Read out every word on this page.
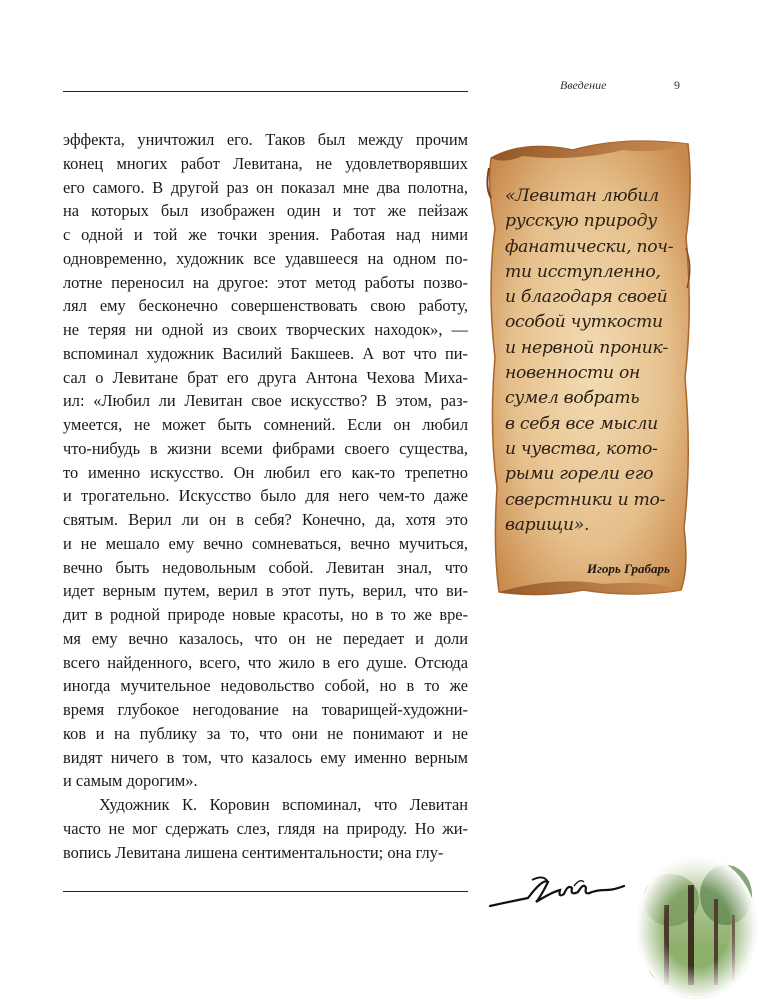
Введение	9

эффекта, уничтожил его. Таков был между прочим
конец многих работ Левитана, не удовлетворявших
его самого. В другой раз он показал мне два полотна,
на которых был изображен один и тот же пейзаж
с одной и той же точки зрения. Работая над ними
одновременно, художник все удавшееся на одном по-
лотне переносил на другое: этот метод работы позво-
лял ему бесконечно совершенствовать свою работу,
не теряя ни одной из своих творческих находок», —
вспоминал художник Василий Бакшеев. А вот что пи-
сал о Левитане брат его друга Антона Чехова Миха-
ил: «Любил ли Левитан свое искусство? В этом, раз-
умеется, не может быть сомнений. Если он любил
что-нибудь в жизни всеми фибрами своего существа,
то именно искусство. Он любил его как-то трепетно
и трогательно. Искусство было для него чем-то даже
святым. Верил ли он в себя? Конечно, да, хотя это
и не мешало ему вечно сомневаться, вечно мучиться,
вечно быть недовольным собой. Левитан знал, что
идет верным путем, верил в этот путь, верил, что ви-
дит в родной природе новые красоты, но в то же вре-
мя ему вечно казалось, что он не передает и доли
всего найденного, всего, что жило в его душе. Отсюда
иногда мучительное недовольство собой, но в то же
время глубокое негодование на товарищей-художни-
ков и на публику за то, что они не понимают и не
видят ничего в том, что казалось ему именно верным
и самым дорогим».

Художник К. Коровин вспоминал, что Левитан
часто не мог сдержать слез, глядя на природу. Но жи-
вопись Левитана лишена сентиментальности; она глу-

«Левитан любил
русскую природу
фанатически, поч-
ти исступленно,
и благодаря своей
особой чуткости
и нервной проник-
новенности он
сумел вобрать
в себя все мысли
и чувства, кото-
рыми горели его
сверстники и то-
варищи».
Игорь Грабарь
